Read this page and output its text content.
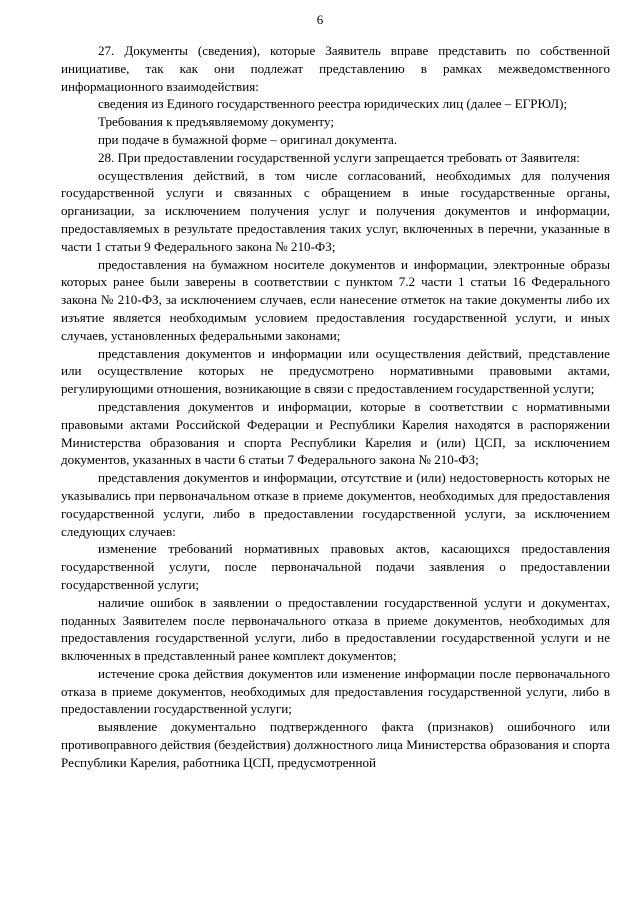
6

27. Документы (сведения), которые Заявитель вправе представить по собственной инициативе, так как они подлежат представлению в рамках межведомственного информационного взаимодействия:

сведения из Единого государственного реестра юридических лиц (далее – ЕГРЮЛ);

Требования к предъявляемому документу;

при подаче в бумажной форме – оригинал документа.

28. При предоставлении государственной услуги запрещается требовать от Заявителя:

осуществления действий, в том числе согласований, необходимых для получения государственной услуги и связанных с обращением в иные государственные органы, организации, за исключением получения услуг и получения документов и информации, предоставляемых в результате предоставления таких услуг, включенных в перечни, указанные в части 1 статьи 9 Федерального закона № 210-ФЗ;

предоставления на бумажном носителе документов и информации, электронные образы которых ранее были заверены в соответствии с пунктом 7.2 части 1 статьи 16 Федерального закона № 210-ФЗ, за исключением случаев, если нанесение отметок на такие документы либо их изъятие является необходимым условием предоставления государственной услуги, и иных случаев, установленных федеральными законами;

представления документов и информации или осуществления действий, представление или осуществление которых не предусмотрено нормативными правовыми актами, регулирующими отношения, возникающие в связи с предоставлением государственной услуги;

представления документов и информации, которые в соответствии с нормативными правовыми актами Российской Федерации и Республики Карелия находятся в распоряжении Министерства образования и спорта Республики Карелия и (или) ЦСП, за исключением документов, указанных в части 6 статьи 7 Федерального закона № 210-ФЗ;

представления документов и информации, отсутствие и (или) недостоверность которых не указывались при первоначальном отказе в приеме документов, необходимых для предоставления государственной услуги, либо в предоставлении государственной услуги, за исключением следующих случаев:

изменение требований нормативных правовых актов, касающихся предоставления государственной услуги, после первоначальной подачи заявления о предоставлении государственной услуги;

наличие ошибок в заявлении о предоставлении государственной услуги и документах, поданных Заявителем после первоначального отказа в приеме документов, необходимых для предоставления государственной услуги, либо в предоставлении государственной услуги и не включенных в представленный ранее комплект документов;

истечение срока действия документов или изменение информации после первоначального отказа в приеме документов, необходимых для предоставления государственной услуги, либо в предоставлении государственной услуги;

выявление документально подтвержденного факта (признаков) ошибочного или противоправного действия (бездействия) должностного лица Министерства образования и спорта Республики Карелия, работника ЦСП, предусмотренной
